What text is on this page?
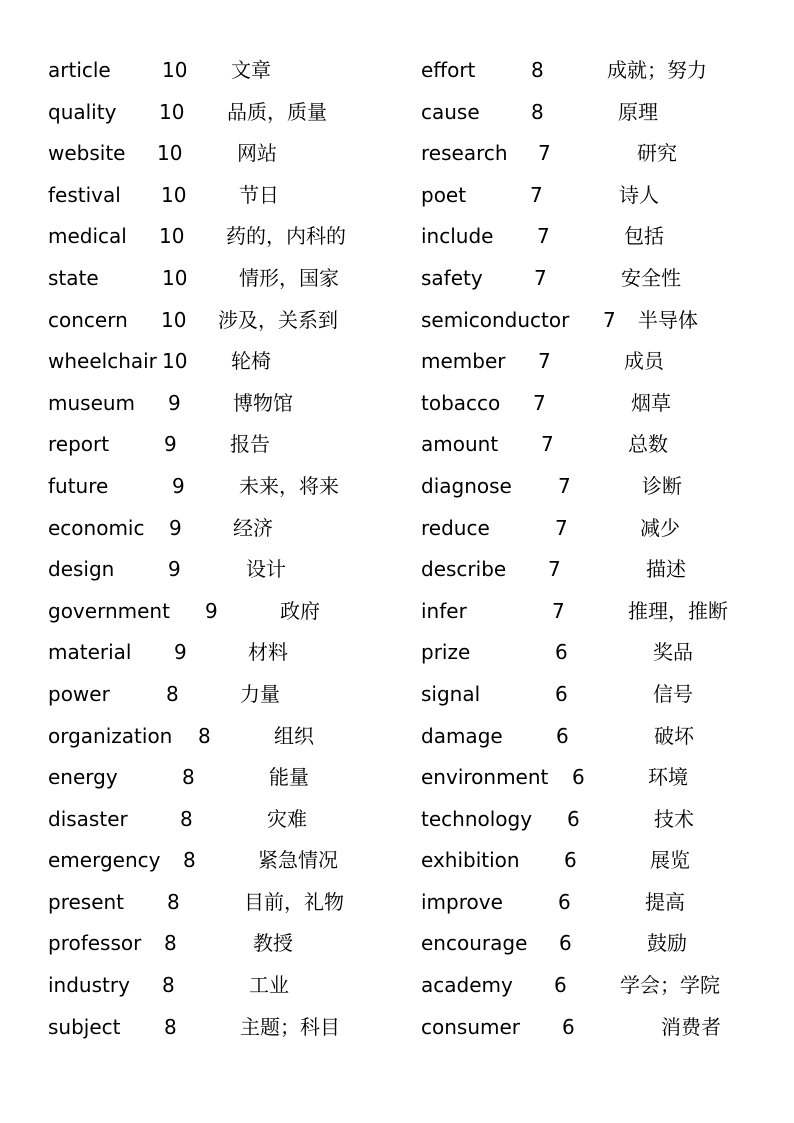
article	10 文章
quality 10 品质，质量
website 10	网站
festival 10	节日
medical 10 药的，内科的
state	10	情形，国家
concern 10 涉及，关系到
wheelchair 10 轮椅
museum 9	博物馆
report	9	报告
future	9	未来，将来
economic 9	经济
design	9	设计
government 9	政府
material 9	材料
power	8	力量
organization 8	组织
energy	8	能量
disaster	8	灾难
emergency 8	紧急情况
present 8	目前，礼物
professor 8	教授
industry 8	工业
subject 8	主题；科目
effort	8	成就；努力
cause	8	原理
research 7	研究
poet	7	诗人
include 7	包括
safety	7	安全性
semiconductor 7 半导体
member 7	成员
tobacco 7	烟草
amount 7	总数
diagnose 7	诊断
reduce	7	减少
describe 7	描述
infer	7	推理，推断
prize	6	奖品
signal	6	信号
damage	6	破坏
environment 6	环境
technology 6	技术
exhibition 6	展览
improve	6	提高
encourage 6	鼓励
academy 6	学会；学院
consumer 6	消费者
